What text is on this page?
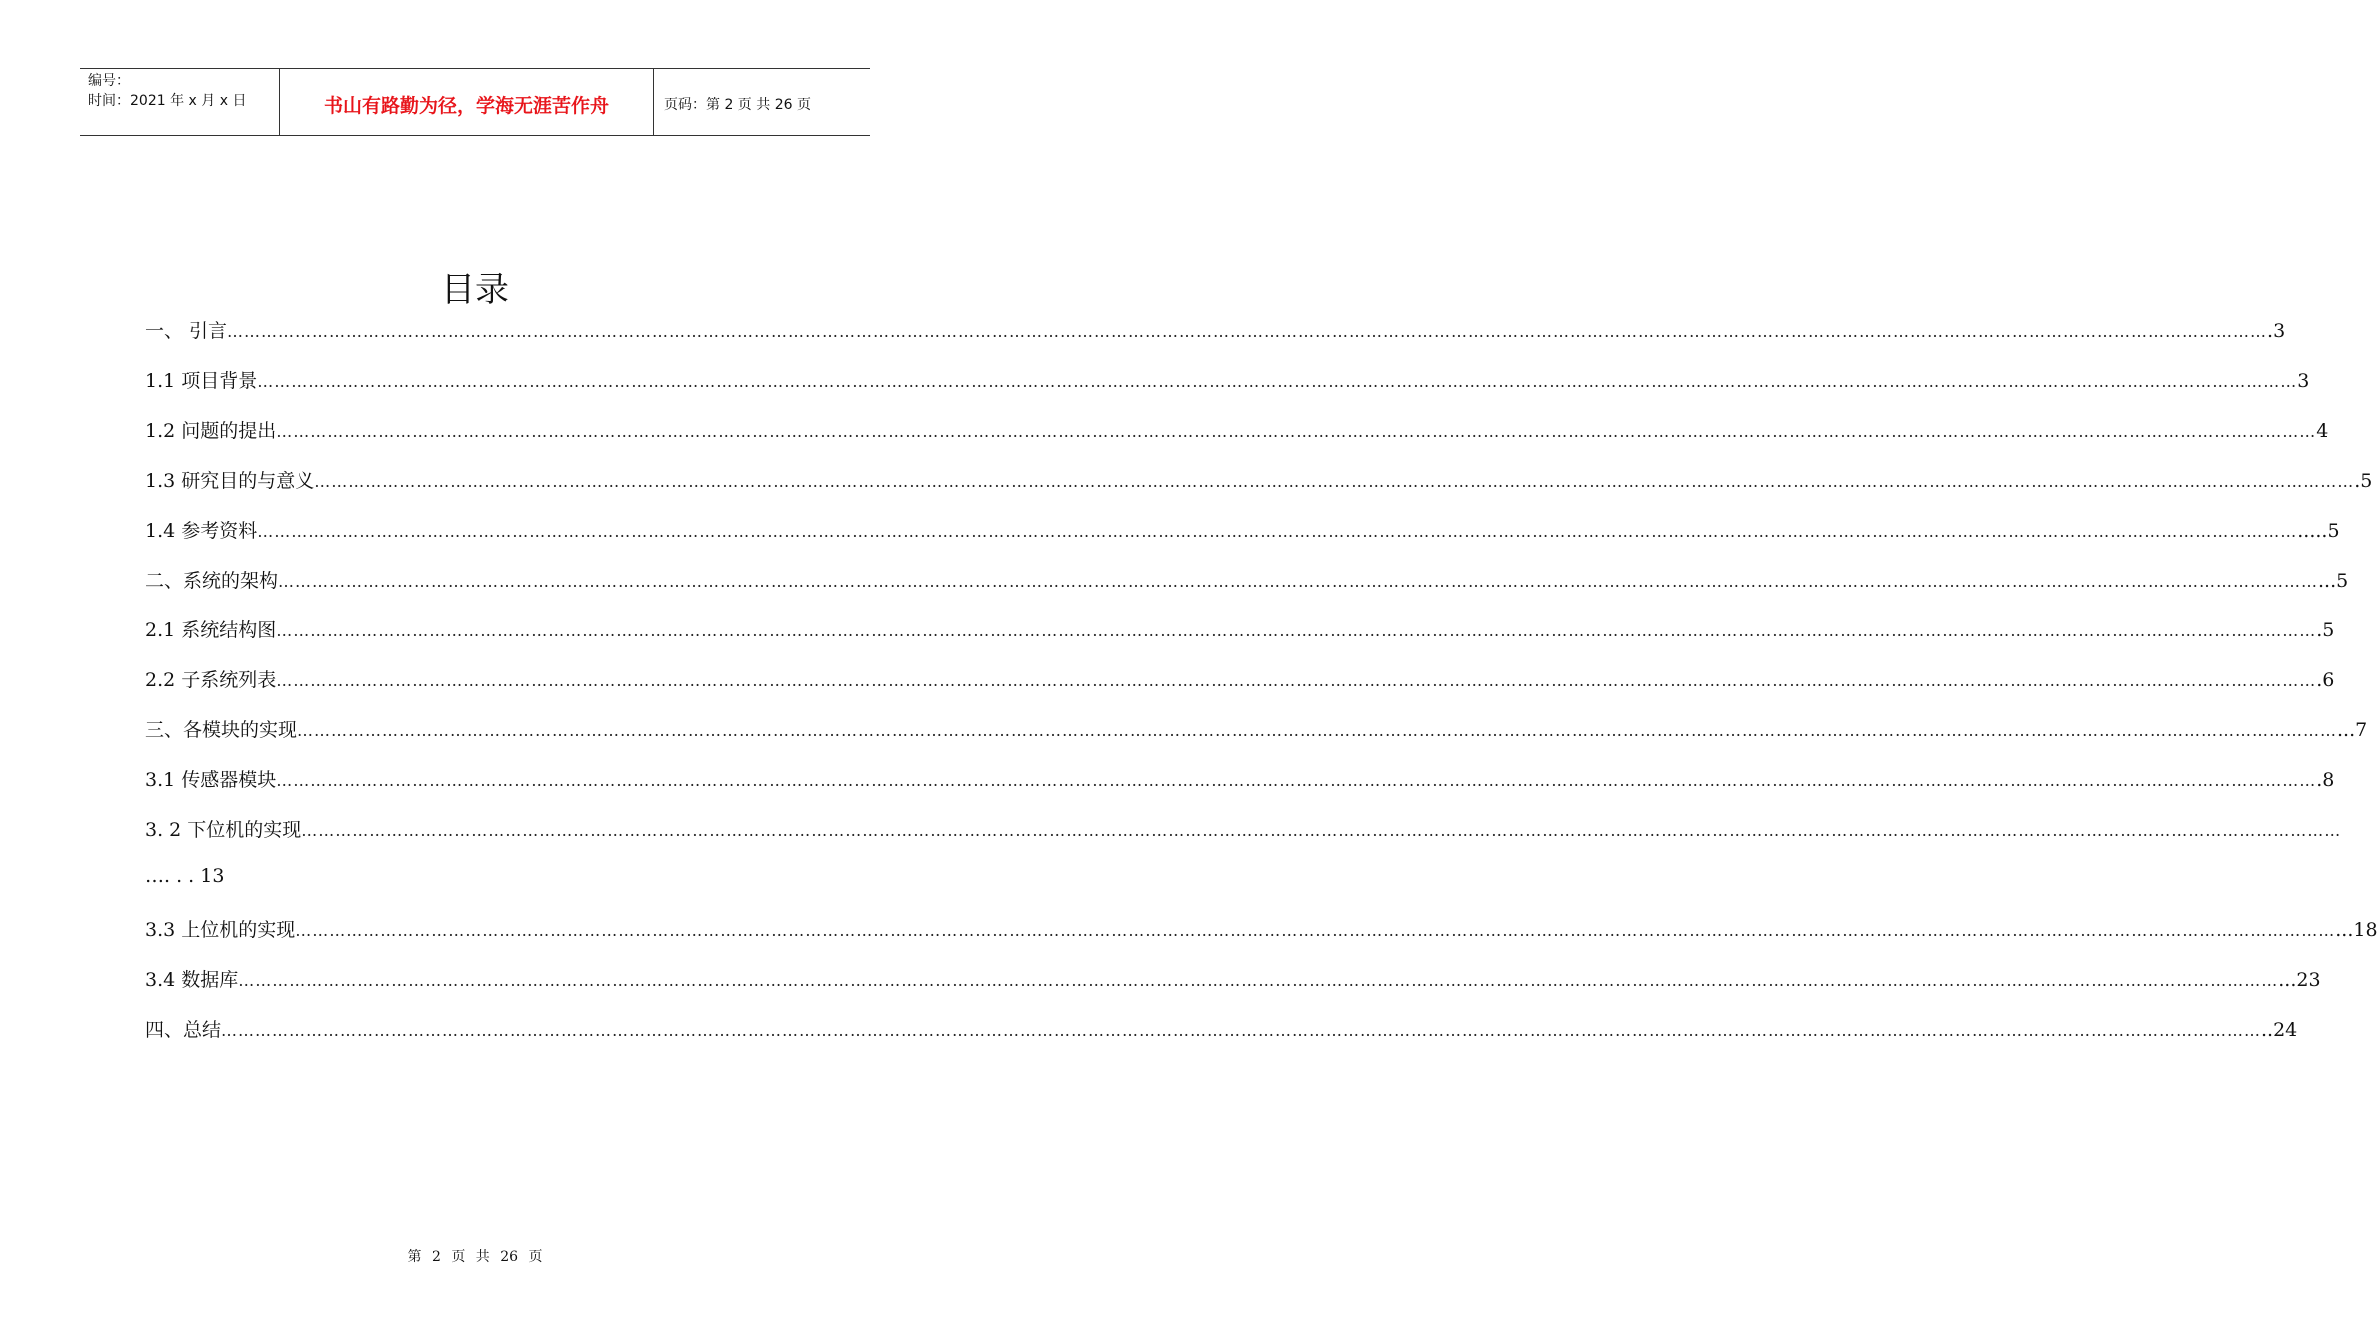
编号：
时间：2021 年 x 月 x 日	书山有路勤为径，学海无涯苦作舟	页码：第 2 页 共 26 页
目录
一、 引言 ……………………………………………………………………………………………………………………………………………………………………………………………………………………………………………………………………………………………………………………………… .3
1.1 项目背景 ……………………………………………………………………………………………………………………………………………………………………………………………………………………………………………………………………………………………………………………………… 3
1.2 问题的提出 ……………………………………………………………………………………………………………………………………………………………………………………………………………………………………………………………………………………………………………………………… 4
1.3 研究目的与意义 ……………………………………………………………………………………………………………………………………………………………………………………………………………………………………………………………………………………………………………………………… .5
1.4 参考资料 ……………………………………………………………………………………………………………………………………………………………………………………………………………………………………………………………………………………………………………………………… .....5
二、系统的架构 ……………………………………………………………………………………………………………………………………………………………………………………………………………………………………………………………………………………………………………………………… ...5
2.1 系统结构图 ……………………………………………………………………………………………………………………………………………………………………………………………………………………………………………………………………………………………………………………………… .5
2.2 子系统列表 ……………………………………………………………………………………………………………………………………………………………………………………………………………………………………………………………………………………………………………………………… .6
三、各模块的实现 ……………………………………………………………………………………………………………………………………………………………………………………………………………………………………………………………………………………………………………………………… ...7
3.1 传感器模块 ……………………………………………………………………………………………………………………………………………………………………………………………………………………………………………………………………………………………………………………………… .8
3. 2 下位机的实现 ………………………………………………………………………………………………………………………………………………………………………………………………………………………………………………………………………………………………………………………………
…. . . 13
3.3 上位机的实现 ……………………………………………………………………………………………………………………………………………………………………………………………………………………………………………………………………………………………………………………………… ...18
3.4 数据库 ……………………………………………………………………………………………………………………………………………………………………………………………………………………………………………………………………………………………………………………………… ...23
四、总结 ……………………………………………………………………………………………………………………………………………………………………………………………………………………………………………………………………………………………………………………………… ..24
第 2 页 共 26 页
